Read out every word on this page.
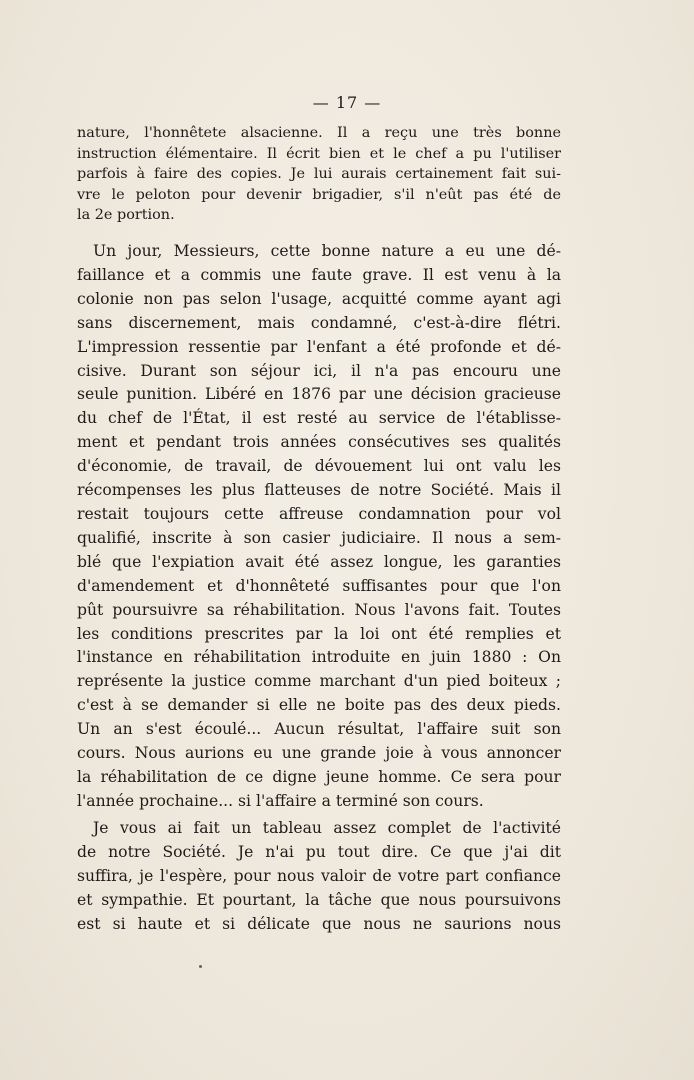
— 17 —
nature, l'honnêtete alsacienne. Il a reçu une très bonne
instruction élémentaire. Il écrit bien et le chef a pu l'utiliser
parfois à faire des copies. Je lui aurais certainement fait sui-
vre le peloton pour devenir brigadier, s'il n'eût pas été de
la 2e portion.
Un jour, Messieurs, cette bonne nature a eu une dé-
faillance et a commis une faute grave. Il est venu à la
colonie non pas selon l'usage, acquitté comme ayant agi
sans discernement, mais condamné, c'est-à-dire flétri.
L'impression ressentie par l'enfant a été profonde et dé-
cisive. Durant son séjour ici, il n'a pas encouru une
seule punition. Libéré en 1876 par une décision gracieuse
du chef de l'État, il est resté au service de l'établisse-
ment et pendant trois années consécutives ses qualités
d'économie, de travail, de dévouement lui ont valu les
récompenses les plus flatteuses de notre Société. Mais il
restait toujours cette affreuse condamnation pour vol
qualifié, inscrite à son casier judiciaire. Il nous a sem-
blé que l'expiation avait été assez longue, les garanties
d'amendement et d'honnêteté suffisantes pour que l'on
pût poursuivre sa réhabilitation. Nous l'avons fait. Toutes
les conditions prescrites par la loi ont été remplies et
l'instance en réhabilitation introduite en juin 1880 : On
représente la justice comme marchant d'un pied boiteux ;
c'est à se demander si elle ne boite pas des deux pieds.
Un an s'est écoulé... Aucun résultat, l'affaire suit son
cours. Nous aurions eu une grande joie à vous annoncer
la réhabilitation de ce digne jeune homme. Ce sera pour
l'année prochaine... si l'affaire a terminé son cours.
Je vous ai fait un tableau assez complet de l'activité
de notre Société. Je n'ai pu tout dire. Ce que j'ai dit
suffira, je l'espère, pour nous valoir de votre part confiance
et sympathie. Et pourtant, la tâche que nous poursuivons
est si haute et si délicate que nous ne saurions nous
